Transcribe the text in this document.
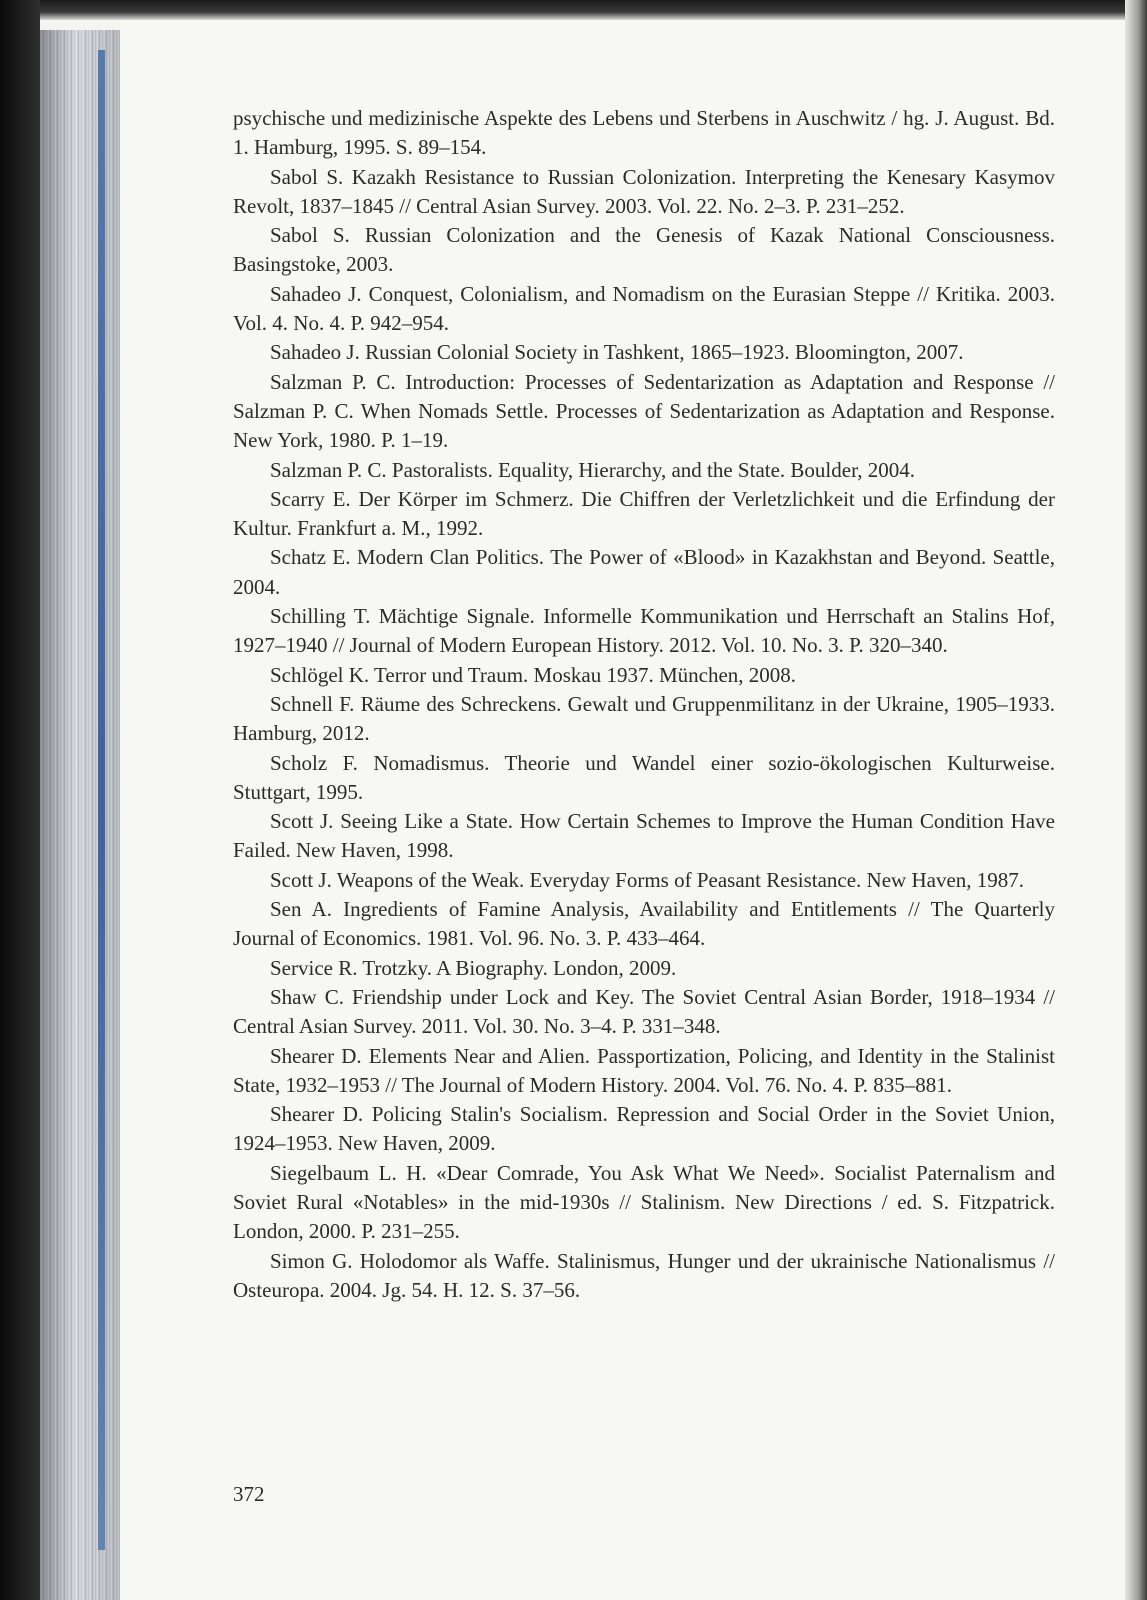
psychische und medizinische Aspekte des Lebens und Sterbens in Auschwitz / hg. J. August. Bd. 1. Hamburg, 1995. S. 89–154.

Sabol S. Kazakh Resistance to Russian Colonization. Interpreting the Kenesary Kasymov Revolt, 1837–1845 // Central Asian Survey. 2003. Vol. 22. No. 2–3. P. 231–252.

Sabol S. Russian Colonization and the Genesis of Kazak National Consciousness. Basingstoke, 2003.

Sahadeo J. Conquest, Colonialism, and Nomadism on the Eurasian Steppe // Kritika. 2003. Vol. 4. No. 4. P. 942–954.

Sahadeo J. Russian Colonial Society in Tashkent, 1865–1923. Bloomington, 2007.

Salzman P. C. Introduction: Processes of Sedentarization as Adaptation and Response // Salzman P. C. When Nomads Settle. Processes of Sedentarization as Adaptation and Response. New York, 1980. P. 1–19.

Salzman P. C. Pastoralists. Equality, Hierarchy, and the State. Boulder, 2004.

Scarry E. Der Körper im Schmerz. Die Chiffren der Verletzlichkeit und die Erfindung der Kultur. Frankfurt a. M., 1992.

Schatz E. Modern Clan Politics. The Power of «Blood» in Kazakhstan and Beyond. Seattle, 2004.

Schilling T. Mächtige Signale. Informelle Kommunikation und Herrschaft an Stalins Hof, 1927–1940 // Journal of Modern European History. 2012. Vol. 10. No. 3. P. 320–340.

Schlögel K. Terror und Traum. Moskau 1937. München, 2008.

Schnell F. Räume des Schreckens. Gewalt und Gruppenmilitanz in der Ukraine, 1905–1933. Hamburg, 2012.

Scholz F. Nomadismus. Theorie und Wandel einer sozio-ökologischen Kulturweise. Stuttgart, 1995.

Scott J. Seeing Like a State. How Certain Schemes to Improve the Human Condition Have Failed. New Haven, 1998.

Scott J. Weapons of the Weak. Everyday Forms of Peasant Resistance. New Haven, 1987.

Sen A. Ingredients of Famine Analysis, Availability and Entitlements // The Quarterly Journal of Economics. 1981. Vol. 96. No. 3. P. 433–464.

Service R. Trotzky. A Biography. London, 2009.

Shaw C. Friendship under Lock and Key. The Soviet Central Asian Border, 1918–1934 // Central Asian Survey. 2011. Vol. 30. No. 3–4. P. 331–348.

Shearer D. Elements Near and Alien. Passportization, Policing, and Identity in the Stalinist State, 1932–1953 // The Journal of Modern History. 2004. Vol. 76. No. 4. P. 835–881.

Shearer D. Policing Stalin's Socialism. Repression and Social Order in the Soviet Union, 1924–1953. New Haven, 2009.

Siegelbaum L. H. «Dear Comrade, You Ask What We Need». Socialist Paternalism and Soviet Rural «Notables» in the mid-1930s // Stalinism. New Directions / ed. S. Fitzpatrick. London, 2000. P. 231–255.

Simon G. Holodomor als Waffe. Stalinismus, Hunger und der ukrainische Nationalismus // Osteuropa. 2004. Jg. 54. H. 12. S. 37–56.

372
